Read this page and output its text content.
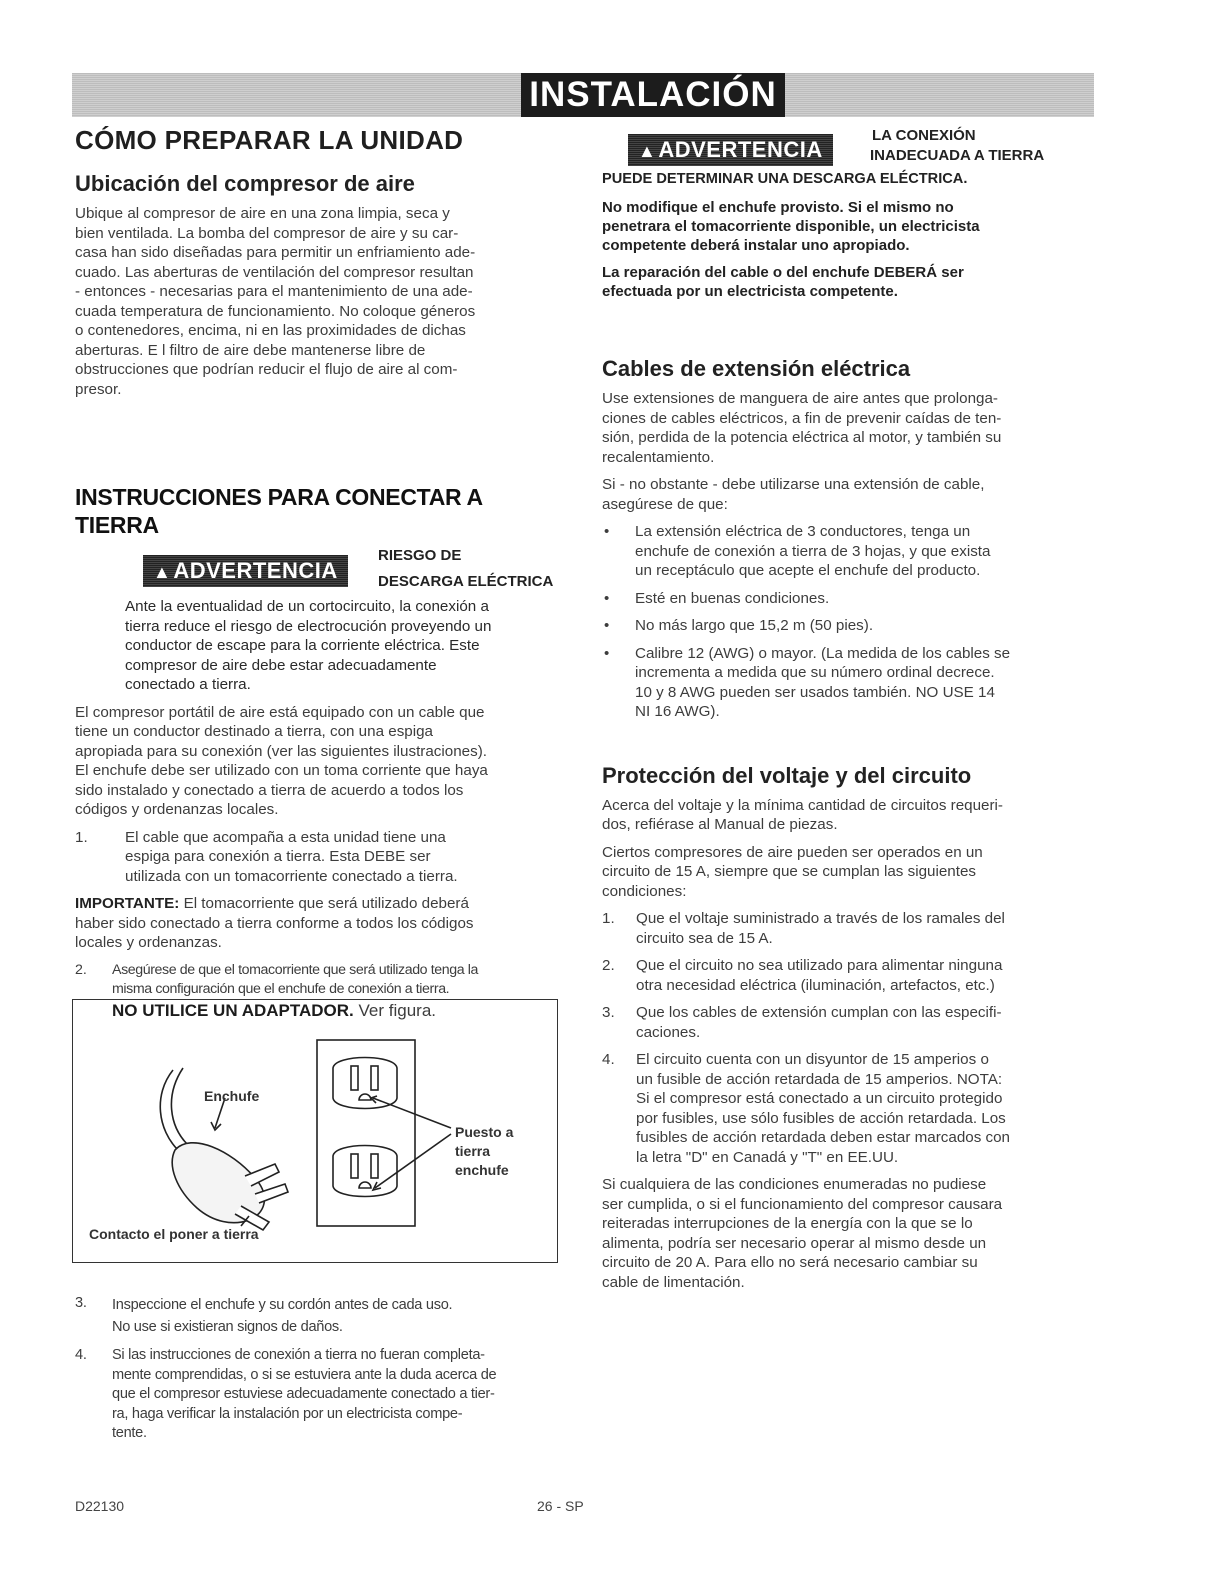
INSTALACIÓN
CÓMO PREPARAR LA UNIDAD
Ubicación del compresor de aire
Ubique al compresor de aire en una zona limpia, seca y
bien ventilada. La bomba del compresor de aire y su car-
casa han sido diseñadas para permitir un enfriamiento ade-
cuado. Las aberturas de ventilación del compresor resultan
- entonces - necesarias para el mantenimiento de una ade-
cuada temperatura de funcionamiento. No coloque géneros
o contenedores, encima, ni en las proximidades de dichas
aberturas. E l filtro de aire debe mantenerse libre de
obstrucciones que podrían reducir el flujo de aire al com-
presor.
INSTRUCCIONES PARA CONECTAR A TIERRA
▲ADVERTENCIA
RIESGO DE
DESCARGA ELÉCTRICA
Ante la eventualidad de un cortocircuito, la conexión a
tierra reduce el riesgo de electrocución proveyendo un
conductor de escape para la corriente eléctrica. Este
compresor de aire debe estar adecuadamente
conectado a tierra.
El compresor portátil de aire está equipado con un cable que
tiene un conductor destinado a tierra, con una espiga
apropiada para su conexión (ver las siguientes ilustraciones).
El enchufe debe ser utilizado con un toma corriente que haya
sido instalado y conectado a tierra de acuerdo a todos los
códigos y ordenanzas locales.
1. El cable que acompaña a esta unidad tiene una
espiga para conexión a tierra. Esta DEBE ser
utilizada con un tomacorriente conectado a tierra.
IMPORTANTE: El tomacorriente que será utilizado deberá
haber sido conectado a tierra conforme a todos los códigos
locales y ordenanzas.
2. Asegúrese de que el tomacorriente que será utilizado tenga la
misma configuración que el enchufe de conexión a tierra.
NO UTILICE UN ADAPTADOR. Ver figura.
Enchufe
Puesto a
tierra
enchufe
Contacto el poner a tierra
3. Inspeccione el enchufe y su cordón antes de cada uso.
No use si existieran signos de daños.
4. Si las instrucciones de conexión a tierra no fueran completa-
mente comprendidas, o si se estuviera ante la duda acerca de
que el compresor estuviese adecuadamente conectado a tier-
ra, haga verificar la instalación por un electricista compe-
tente.
▲ADVERTENCIA
LA CONEXIÓN
INADECUADA A TIERRA
PUEDE DETERMINAR UNA DESCARGA ELÉCTRICA.
No modifique el enchufe provisto. Si el mismo no
penetrara el tomacorriente disponible, un electricista
competente deberá instalar uno apropiado.
La reparación del cable o del enchufe DEBERÁ ser
efectuada por un electricista competente.
Cables de extensión eléctrica
Use extensiones de manguera de aire antes que prolonga-
ciones de cables eléctricos, a fin de prevenir caídas de ten-
sión, perdida de la potencia eléctrica al motor, y también su
recalentamiento.
Si - no obstante - debe utilizarse una extensión de cable,
asegúrese de que:
• La extensión eléctrica de 3 conductores, tenga un
enchufe de conexión a tierra de 3 hojas, y que exista
un receptáculo que acepte el enchufe del producto.
• Esté en buenas condiciones.
• No más largo que 15,2 m (50 pies).
• Calibre 12 (AWG) o mayor. (La medida de los cables se
incrementa a medida que su número ordinal decrece.
10 y 8 AWG pueden ser usados también. NO USE 14
NI 16 AWG).
Protección del voltaje y del circuito
Acerca del voltaje y la mínima cantidad de circuitos requeri-
dos, refiérase al Manual de piezas.
Ciertos compresores de aire pueden ser operados en un
circuito de 15 A, siempre que se cumplan las siguientes
condiciones:
1. Que el voltaje suministrado a través de los ramales del
circuito sea de 15 A.
2. Que el circuito no sea utilizado para alimentar ninguna
otra necesidad eléctrica (iluminación, artefactos, etc.)
3. Que los cables de extensión cumplan con las especifi-
caciones.
4. El circuito cuenta con un disyuntor de 15 amperios o
un fusible de acción retardada de 15 amperios. NOTA:
Si el compresor está conectado a un circuito protegido
por fusibles, use sólo fusibles de acción retardada. Los
fusibles de acción retardada deben estar marcados con
la letra "D" en Canadá y "T" en EE.UU.
Si cualquiera de las condiciones enumeradas no pudiese
ser cumplida, o si el funcionamiento del compresor causara
reiteradas interrupciones de la energía con la que se lo
alimenta, podría ser necesario operar al mismo desde un
circuito de 20 A. Para ello no será necesario cambiar su
cable de limentación.
D22130	26 - SP
